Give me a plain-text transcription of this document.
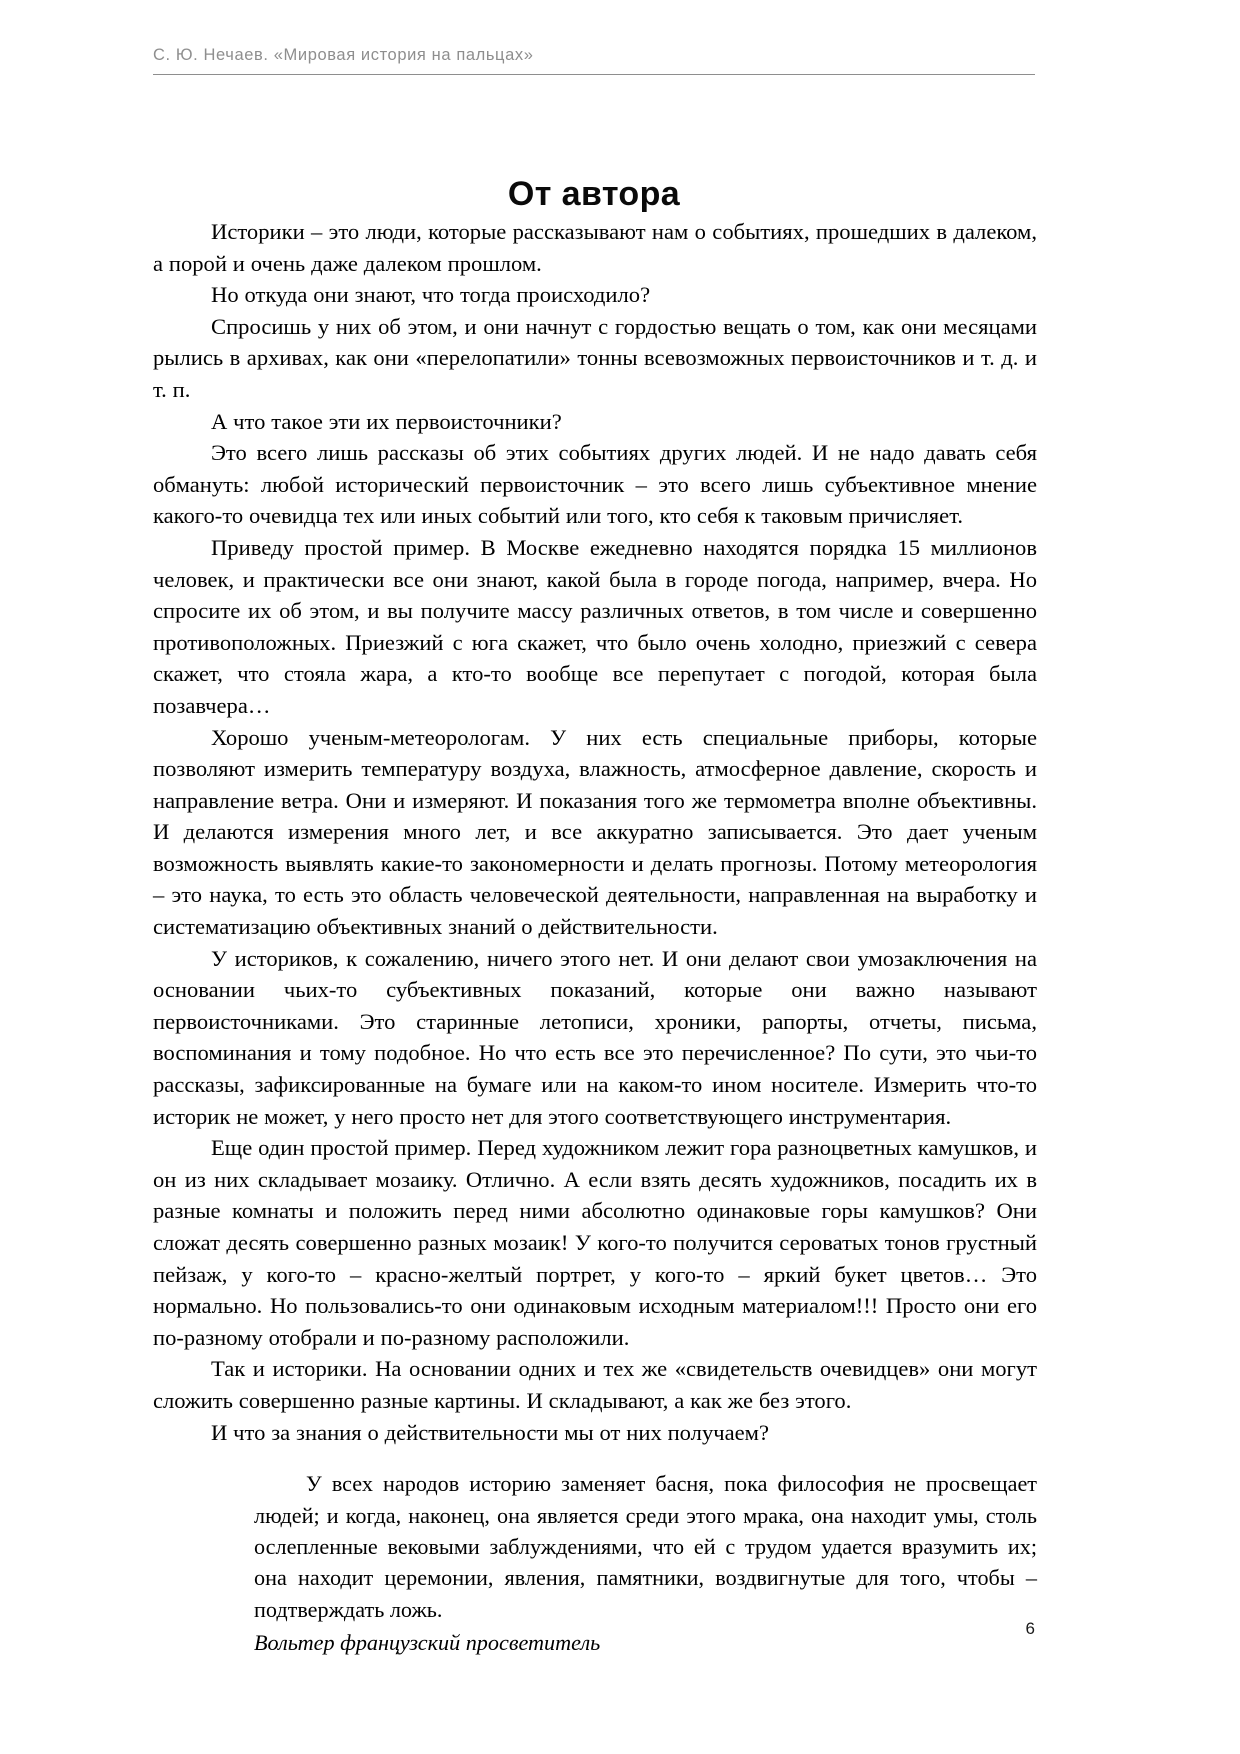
С. Ю. Нечаев. «Мировая история на пальцах»
От автора

Историки – это люди, которые рассказывают нам о событиях, прошедших в далеком, а порой и очень даже далеком прошлом.

Но откуда они знают, что тогда происходило?

Спросишь у них об этом, и они начнут с гордостью вещать о том, как они месяцами рылись в архивах, как они «перелопатили» тонны всевозможных первоисточников и т. д. и т. п.

А что такое эти их первоисточники?

Это всего лишь рассказы об этих событиях других людей. И не надо давать себя обмануть: любой исторический первоисточник – это всего лишь субъективное мнение какого-то очевидца тех или иных событий или того, кто себя к таковым причисляет.

Приведу простой пример. В Москве ежедневно находятся порядка 15 миллионов человек, и практически все они знают, какой была в городе погода, например, вчера. Но спросите их об этом, и вы получите массу различных ответов, в том числе и совершенно противоположных. Приезжий с юга скажет, что было очень холодно, приезжий с севера скажет, что стояла жара, а кто-то вообще все перепутает с погодой, которая была позавчера…

Хорошо ученым-метеорологам. У них есть специальные приборы, которые позволяют измерить температуру воздуха, влажность, атмосферное давление, скорость и направление ветра. Они и измеряют. И показания того же термометра вполне объективны. И делаются измерения много лет, и все аккуратно записывается. Это дает ученым возможность выявлять какие-то закономерности и делать прогнозы. Потому метеорология – это наука, то есть это область человеческой деятельности, направленная на выработку и систематизацию объективных знаний о действительности.

У историков, к сожалению, ничего этого нет. И они делают свои умозаключения на основании чьих-то субъективных показаний, которые они важно называют первоисточниками. Это старинные летописи, хроники, рапорты, отчеты, письма, воспоминания и тому подобное. Но что есть все это перечисленное? По сути, это чьи-то рассказы, зафиксированные на бумаге или на каком-то ином носителе. Измерить что-то историк не может, у него просто нет для этого соответствующего инструментария.

Еще один простой пример. Перед художником лежит гора разноцветных камушков, и он из них складывает мозаику. Отлично. А если взять десять художников, посадить их в разные комнаты и положить перед ними абсолютно одинаковые горы камушков? Они сложат десять совершенно разных мозаик! У кого-то получится сероватых тонов грустный пейзаж, у кого-то – красно-желтый портрет, у кого-то – яркий букет цветов… Это нормально. Но пользовались-то они одинаковым исходным материалом!!! Просто они его по-разному отобрали и по-разному расположили.

Так и историки. На основании одних и тех же «свидетельств очевидцев» они могут сложить совершенно разные картины. И складывают, а как же без этого.

И что за знания о действительности мы от них получаем?

У всех народов историю заменяет басня, пока философия не просвещает людей; и когда, наконец, она является среди этого мрака, она находит умы, столь ослепленные вековыми заблуждениями, что ей с трудом удается вразумить их; она находит церемонии, явления, памятники, воздвигнутые для того, чтобы – подтверждать ложь.

Вольтер французский просветитель

6
